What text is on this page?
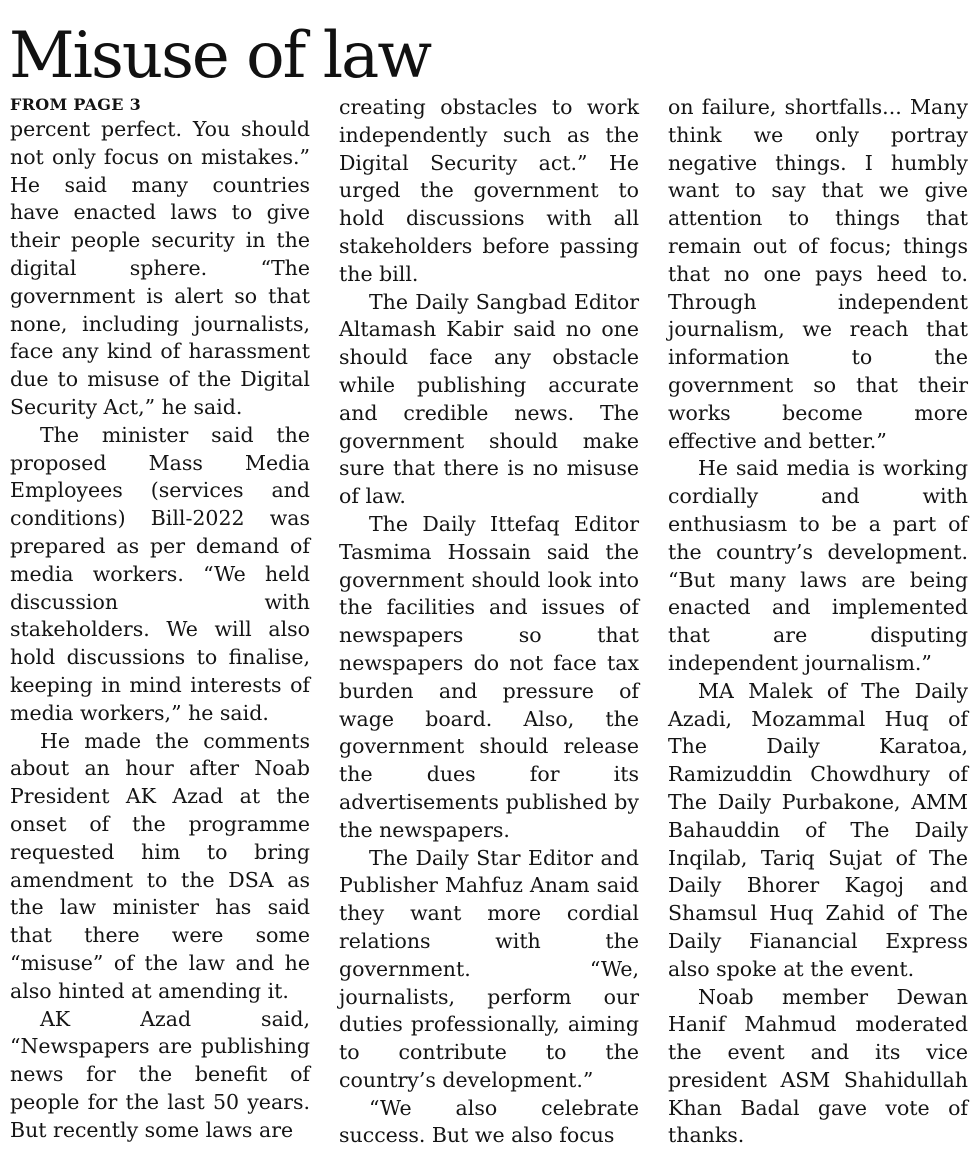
Misuse of law
FROM PAGE 3

percent perfect. You should not only focus on mistakes.” He said many countries have enacted laws to give their people security in the digital sphere. “The government is alert so that none, including journalists, face any kind of harassment due to misuse of the Digital Security Act,” he said.

The minister said the proposed Mass Media Employees (services and conditions) Bill-2022 was prepared as per demand of media workers. “We held discussion with stakeholders. We will also hold discussions to finalise, keeping in mind interests of media workers,” he said.

He made the comments about an hour after Noab President AK Azad at the onset of the programme requested him to bring amendment to the DSA as the law minister has said that there were some “misuse” of the law and he also hinted at amending it.

AK Azad said, “Newspapers are publishing news for the benefit of people for the last 50 years. But recently some laws are

creating obstacles to work independently such as the Digital Security act.” He urged the government to hold discussions with all stakeholders before passing the bill.

The Daily Sangbad Editor Altamash Kabir said no one should face any obstacle while publishing accurate and credible news. The government should make sure that there is no misuse of law.

The Daily Ittefaq Editor Tasmima Hossain said the government should look into the facilities and issues of newspapers so that newspapers do not face tax burden and pressure of wage board. Also, the government should release the dues for its advertisements published by the newspapers.

The Daily Star Editor and Publisher Mahfuz Anam said they want more cordial relations with the government. “We, journalists, perform our duties professionally, aiming to contribute to the country’s development.”

“We also celebrate success. But we also focus

on failure, shortfalls... Many think we only portray negative things. I humbly want to say that we give attention to things that remain out of focus; things that no one pays heed to. Through independent journalism, we reach that information to the government so that their works become more effective and better.”

He said media is working cordially and with enthusiasm to be a part of the country’s development. “But many laws are being enacted and implemented that are disputing independent journalism.”

MA Malek of The Daily Azadi, Mozammal Huq of The Daily Karatoa, Ramizuddin Chowdhury of The Daily Purbakone, AMM Bahauddin of The Daily Inqilab, Tariq Sujat of The Daily Bhorer Kagoj and Shamsul Huq Zahid of The Daily Fianancial Express also spoke at the event.

Noab member Dewan Hanif Mahmud moderated the event and its vice president ASM Shahidullah Khan Badal gave vote of thanks.
